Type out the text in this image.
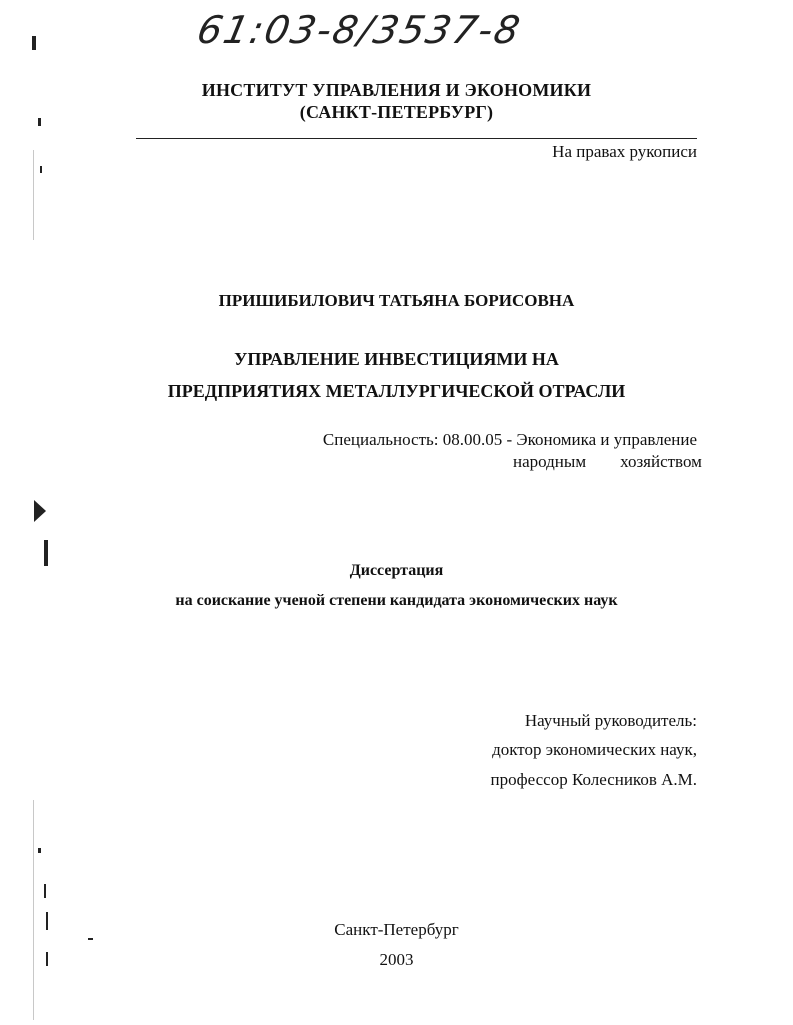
61:03-8/3537-8
ИНСТИТУТ УПРАВЛЕНИЯ И ЭКОНОМИКИ
(САНКТ-ПЕТЕРБУРГ)
На правах рукописи
ПРИШИБИЛОВИЧ ТАТЬЯНА БОРИСОВНА
УПРАВЛЕНИЕ ИНВЕСТИЦИЯМИ НА
ПРЕДПРИЯТИЯХ МЕТАЛЛУРГИЧЕСКОЙ ОТРАСЛИ
Специальность: 08.00.05 - Экономика и управление
народным хозяйством
Диссертация
на соискание ученой степени кандидата экономических наук
Научный руководитель:
доктор экономических наук,
профессор Колесников А.М.
Санкт-Петербург
2003
